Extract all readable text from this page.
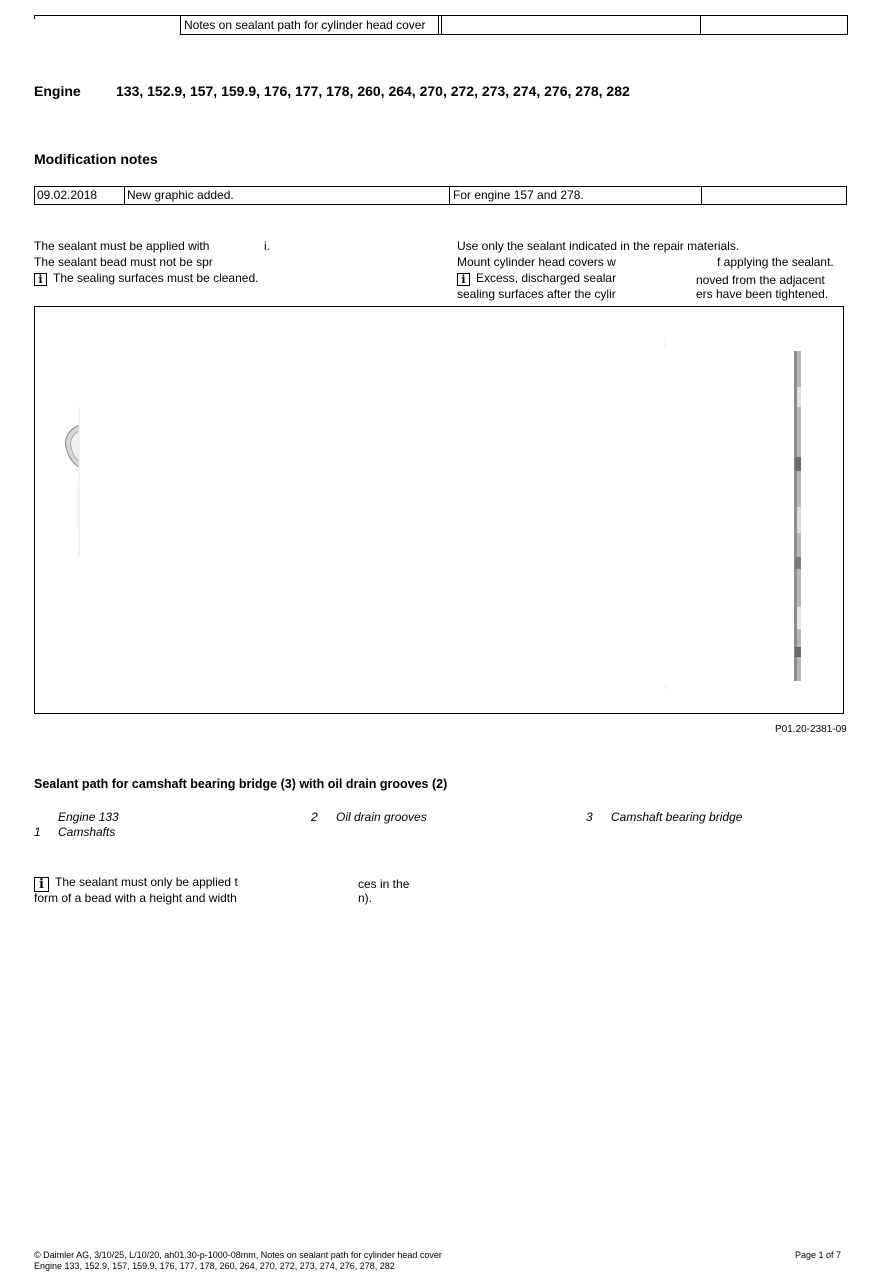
Notes on sealant path for cylinder head cover
Engine	133, 152.9, 157, 159.9, 176, 177, 178, 260, 264, 270, 272, 273, 274, 276, 278, 282
Modification notes
09.02.2018 New graphic added.	For engine 157 and 278.
The sealant must be applied with	i.
The sealant bead must not be spr
i The sealing surfaces must be cleaned.
Use only the sealant indicated in the repair materials.
Mount cylinder head covers w	f applying the sealant.
i Excess, discharged sealar	noved from the adjacent
sealing surfaces after the cylir	ers have been tightened.
P01.20-2381-09
Sealant path for camshaft bearing bridge (3) with oil drain grooves (2)
Engine 133
1 Camshafts
2 Oil drain grooves	3 Camshaft bearing bridge
i The sealant must only be applied t	ces in the
form of a bead with a height and width	n).
© Daimler AG, 3/10/25, L/10/20, ah01.30-p-1000-08mm, Notes on sealant path for cylinder head cover
Engine 133, 152.9, 157, 159.9, 176, 177, 178, 260, 264, 270, 272, 273, 274, 276, 278, 282
Page 1 of 7
